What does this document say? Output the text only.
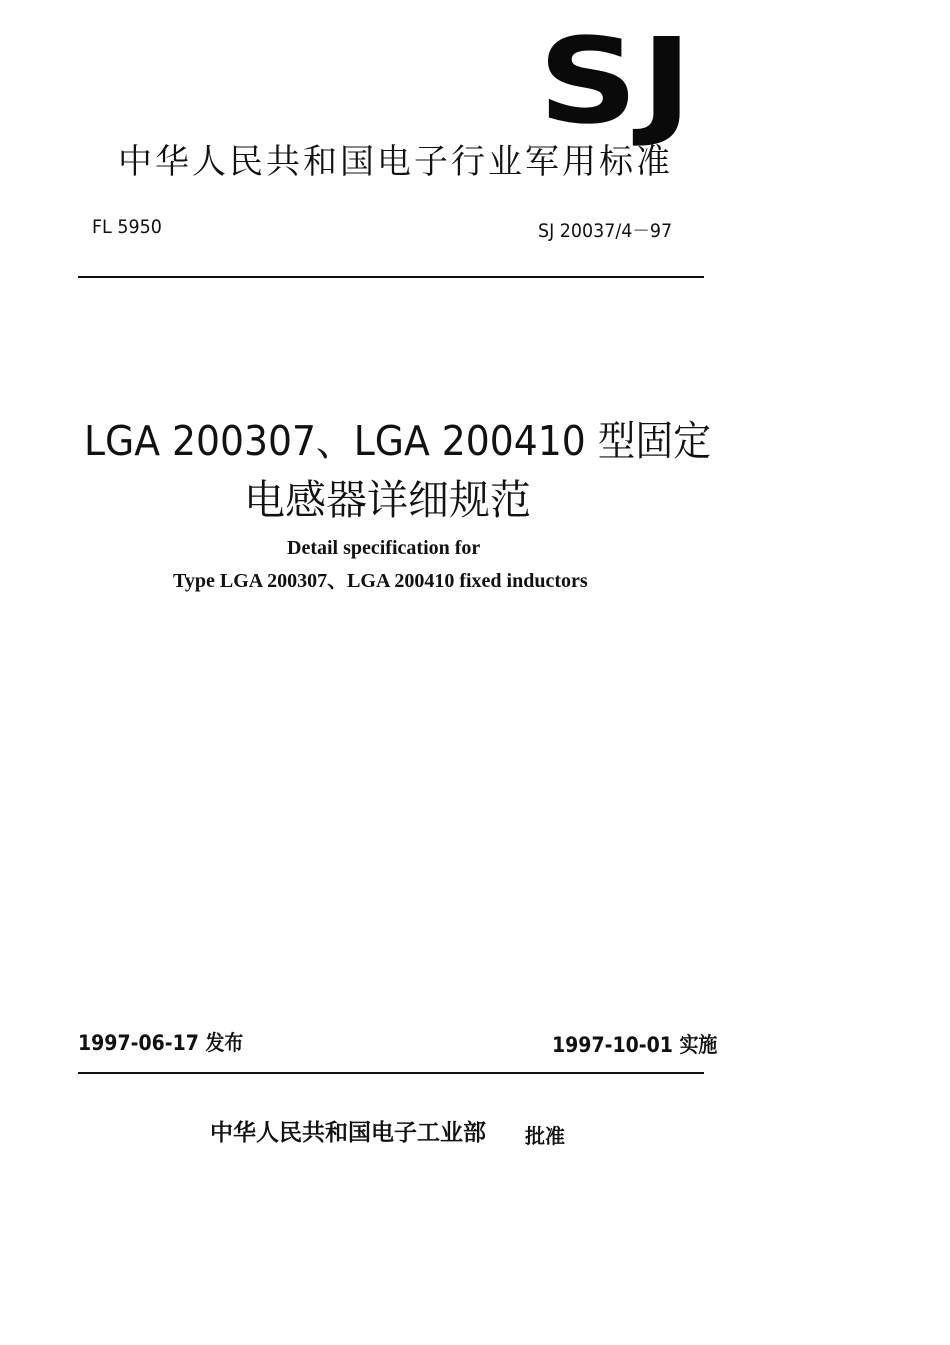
SJ
中华人民共和国电子行业军用标准
FL 5950	SJ 20037/4－97
LGA 200307、LGA 200410 型固定
电感器详细规范
Detail specification for
Type LGA 200307、LGA 200410 fixed inductors
1997-06-17 发布	1997-10-01 实施
中华人民共和国电子工业部 批准
